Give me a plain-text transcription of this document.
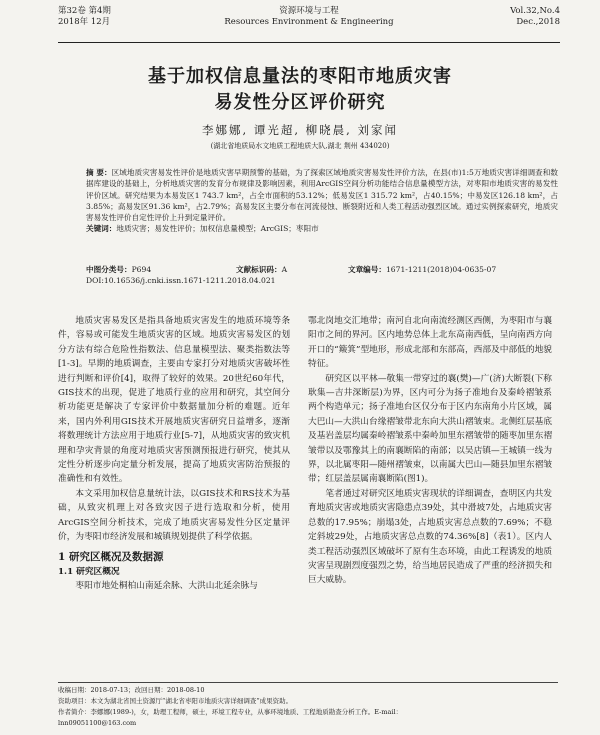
第32卷 第4期
2018年 12月
资源环境与工程
Resources Environment & Engineering
Vol.32,No.4
Dec.,2018
基于加权信息量法的枣阳市地质灾害
易发性分区评价研究
李娜娜, 谭光超, 柳晓晨, 刘家闻
(湖北省地质局水文地质工程地质大队,湖北 荆州 434020)
摘 要：区域地质灾害易发性评价是地质灾害早期预警的基础，为了探索区域地质灾害易发性评价方法，在县(市)1:5万地质灾害详细调查和数据库建设的基础上，分析地质灾害的发育分布规律及影响因素，利用ArcGIS空间分析功能结合信息量模型方法，对枣阳市地质灾害的易发性评价区域。研究结果为本易发区1 743.7 km²，占全市面积的53.12%；低易发区1 315.72 km²，占40.15%；中易发区126.18 km²，占3.85%；高易发区91.36 km²，占2.79%；高易发区主要分布在河流侵蚀、断裂附近和人类工程活动强烈区域。通过实例探索研究，地质灾害易发性评价自定性评价上升到定量评价。
关键词：地质灾害；易发性评价；加权信息量模型；ArcGIS；枣阳市
中图分类号：P694	文献标识码：A	文章编号：1671-1211(2018)04-0635-07
DOI:10.16536/j.cnki.issn.1671-1211.2018.04.021

地质灾害易发区是指具备地质灾害发生的地质环境等条件，容易或可能发生地质灾害的区域。地质灾害易发区的划分方法有综合危险性指数法、信息量模型法、聚类指数法等[1-3]。早期的地质调查，主要由专家打分对地质灾害破坏性进行判断和评价[4]，取得了较好的效果。20世纪60年代，GIS技术的出现，促进了地质行业的应用和研究，其空间分析功能更是解决了专家评价中数据量加分析的难题。近年来，国内外利用GIS技术开展地质灾害研究日益增多，逐渐将数理统计方法应用于地质行业[5-7]，从地质灾害的致灾机理和孕灾背景的角度对地质灾害预测预报进行研究，使其从定性分析逐步向定量分析发展，提高了地质灾害防治预报的准确性和有效性。

本文采用加权信息量统计法，以GIS技术和RS技术为基础，从致灾机理上对各致灾因子进行选取和分析，使用ArcGIS空间分析技术，完成了地质灾害易发性分区定量评价，为枣阳市经济发展和城镇规划提供了科学依据。

1 研究区概况及数据源
1.1 研究区概况

枣阳市地处桐柏山南延余脉、大洪山北延余脉与

鄂北岗地交汇地带；南河自北向南流经测区西侧，为枣阳市与襄阳市之间的界河。区内地势总体上北东高南西低，呈向南西方向开口的“簸箕”型地形，形成北部和东部高，西部及中部低的地貌特征。

研究区以平林—敬集一带穿过的襄(樊)—广(济)大断裂(下称耿集—吉井深断层)为界，区内可分为扬子准地台及秦岭褶皱系两个构造单元；扬子准地台区仅分布于区内东南角小片区域，属大巴山—大洪山台缘褶皱带北东向大洪山褶皱束。北侧红层基底及基岩盖层均属秦岭褶皱系中秦岭加里东褶皱带的随枣加里东褶皱带以及鄂豫其上的南襄断陷的南部；以吴店镇—王城镇一线为界，以北属枣阳—随州褶皱束，以南属大巴山—随县加里东褶皱带；红层盖层属南襄断陷(图1)。

笔者通过对研究区地质灾害现状的详细调查，查明区内共发育地质灾害或地质灾害隐患点39处，其中滑坡7处，占地质灾害总数的17.95%；崩塌3处，占地质灾害总点数的7.69%；不稳定斜坡29处，占地质灾害总点数的74.36%[8]（表1）。区内人类工程活动强烈区域破坏了原有生态环境，由此工程诱发的地质灾害呈现剧烈度强烈之势，给当地居民造成了严重的经济损失和巨大威胁。

收稿日期：2018-07-13；改回日期：2018-08-10
资助项目：本文为湖北省国土资源厅“湖北省枣阳市地质灾害详细调查”成果资助。
作者简介：李娜娜(1989-)，女，助理工程师，硕士，环境工程专业，从事环境地质、工程地质勘查分析工作。E-mail：
lnn09051100@163.com
